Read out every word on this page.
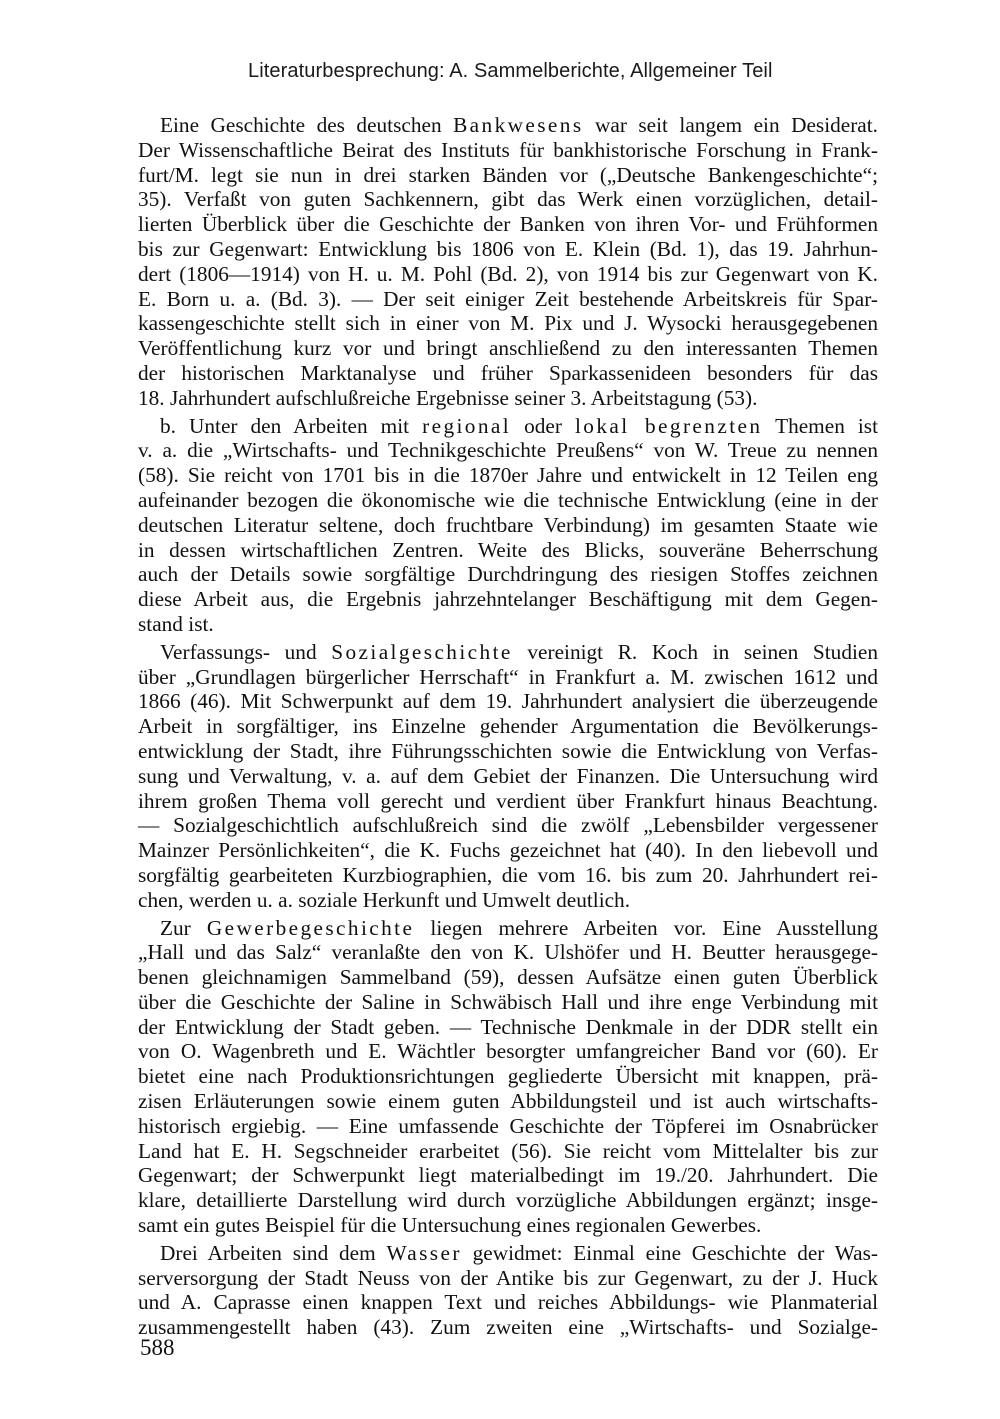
Literaturbesprechung: A. Sammelberichte, Allgemeiner Teil
Eine Geschichte des deutschen Bankwesens war seit langem ein Desiderat.
Der Wissenschaftliche Beirat des Instituts für bankhistorische Forschung in Frank-
furt/M. legt sie nun in drei starken Bänden vor („Deutsche Bankengeschichte“;
35). Verfaßt von guten Sachkennern, gibt das Werk einen vorzüglichen, detail-
lierten Überblick über die Geschichte der Banken von ihren Vor- und Frühformen
bis zur Gegenwart: Entwicklung bis 1806 von E. Klein (Bd. 1), das 19. Jahrhun-
dert (1806—1914) von H. u. M. Pohl (Bd. 2), von 1914 bis zur Gegenwart von K.
E. Born u. a. (Bd. 3). — Der seit einiger Zeit bestehende Arbeitskreis für Spar-
kassengeschichte stellt sich in einer von M. Pix und J. Wysocki herausgegebenen
Veröffentlichung kurz vor und bringt anschließend zu den interessanten Themen
der historischen Marktanalyse und früher Sparkassenideen besonders für das
18. Jahrhundert aufschlußreiche Ergebnisse seiner 3. Arbeitstagung (53).
b. Unter den Arbeiten mit regional oder lokal begrenzten Themen ist
v. a. die „Wirtschafts- und Technikgeschichte Preußens“ von W. Treue zu nennen
(58). Sie reicht von 1701 bis in die 1870er Jahre und entwickelt in 12 Teilen eng
aufeinander bezogen die ökonomische wie die technische Entwicklung (eine in der
deutschen Literatur seltene, doch fruchtbare Verbindung) im gesamten Staate wie
in dessen wirtschaftlichen Zentren. Weite des Blicks, souveräne Beherrschung
auch der Details sowie sorgfältige Durchdringung des riesigen Stoffes zeichnen
diese Arbeit aus, die Ergebnis jahrzehntelanger Beschäftigung mit dem Gegen-
stand ist.
Verfassungs- und Sozialgeschichte vereinigt R. Koch in seinen Studien
über „Grundlagen bürgerlicher Herrschaft“ in Frankfurt a. M. zwischen 1612 und
1866 (46). Mit Schwerpunkt auf dem 19. Jahrhundert analysiert die überzeugende
Arbeit in sorgfältiger, ins Einzelne gehender Argumentation die Bevölkerungs-
entwicklung der Stadt, ihre Führungsschichten sowie die Entwicklung von Verfas-
sung und Verwaltung, v. a. auf dem Gebiet der Finanzen. Die Untersuchung wird
ihrem großen Thema voll gerecht und verdient über Frankfurt hinaus Beachtung.
— Sozialgeschichtlich aufschlußreich sind die zwölf „Lebensbilder vergessener
Mainzer Persönlichkeiten“, die K. Fuchs gezeichnet hat (40). In den liebevoll und
sorgfältig gearbeiteten Kurzbiographien, die vom 16. bis zum 20. Jahrhundert rei-
chen, werden u. a. soziale Herkunft und Umwelt deutlich.
Zur Gewerbegeschichte liegen mehrere Arbeiten vor. Eine Ausstellung
„Hall und das Salz“ veranlaßte den von K. Ulshöfer und H. Beutter herausgege-
benen gleichnamigen Sammelband (59), dessen Aufsätze einen guten Überblick
über die Geschichte der Saline in Schwäbisch Hall und ihre enge Verbindung mit
der Entwicklung der Stadt geben. — Technische Denkmale in der DDR stellt ein
von O. Wagenbreth und E. Wächtler besorgter umfangreicher Band vor (60). Er
bietet eine nach Produktionsrichtungen gegliederte Übersicht mit knappen, prä-
zisen Erläuterungen sowie einem guten Abbildungsteil und ist auch wirtschafts-
historisch ergiebig. — Eine umfassende Geschichte der Töpferei im Osnabrücker
Land hat E. H. Segschneider erarbeitet (56). Sie reicht vom Mittelalter bis zur
Gegenwart; der Schwerpunkt liegt materialbedingt im 19./20. Jahrhundert. Die
klare, detaillierte Darstellung wird durch vorzügliche Abbildungen ergänzt; insge-
samt ein gutes Beispiel für die Untersuchung eines regionalen Gewerbes.
Drei Arbeiten sind dem Wasser gewidmet: Einmal eine Geschichte der Was-
serversorgung der Stadt Neuss von der Antike bis zur Gegenwart, zu der J. Huck
und A. Caprasse einen knappen Text und reiches Abbildungs- wie Planmaterial
zusammengestellt haben (43). Zum zweiten eine „Wirtschafts- und Sozialge-
588
